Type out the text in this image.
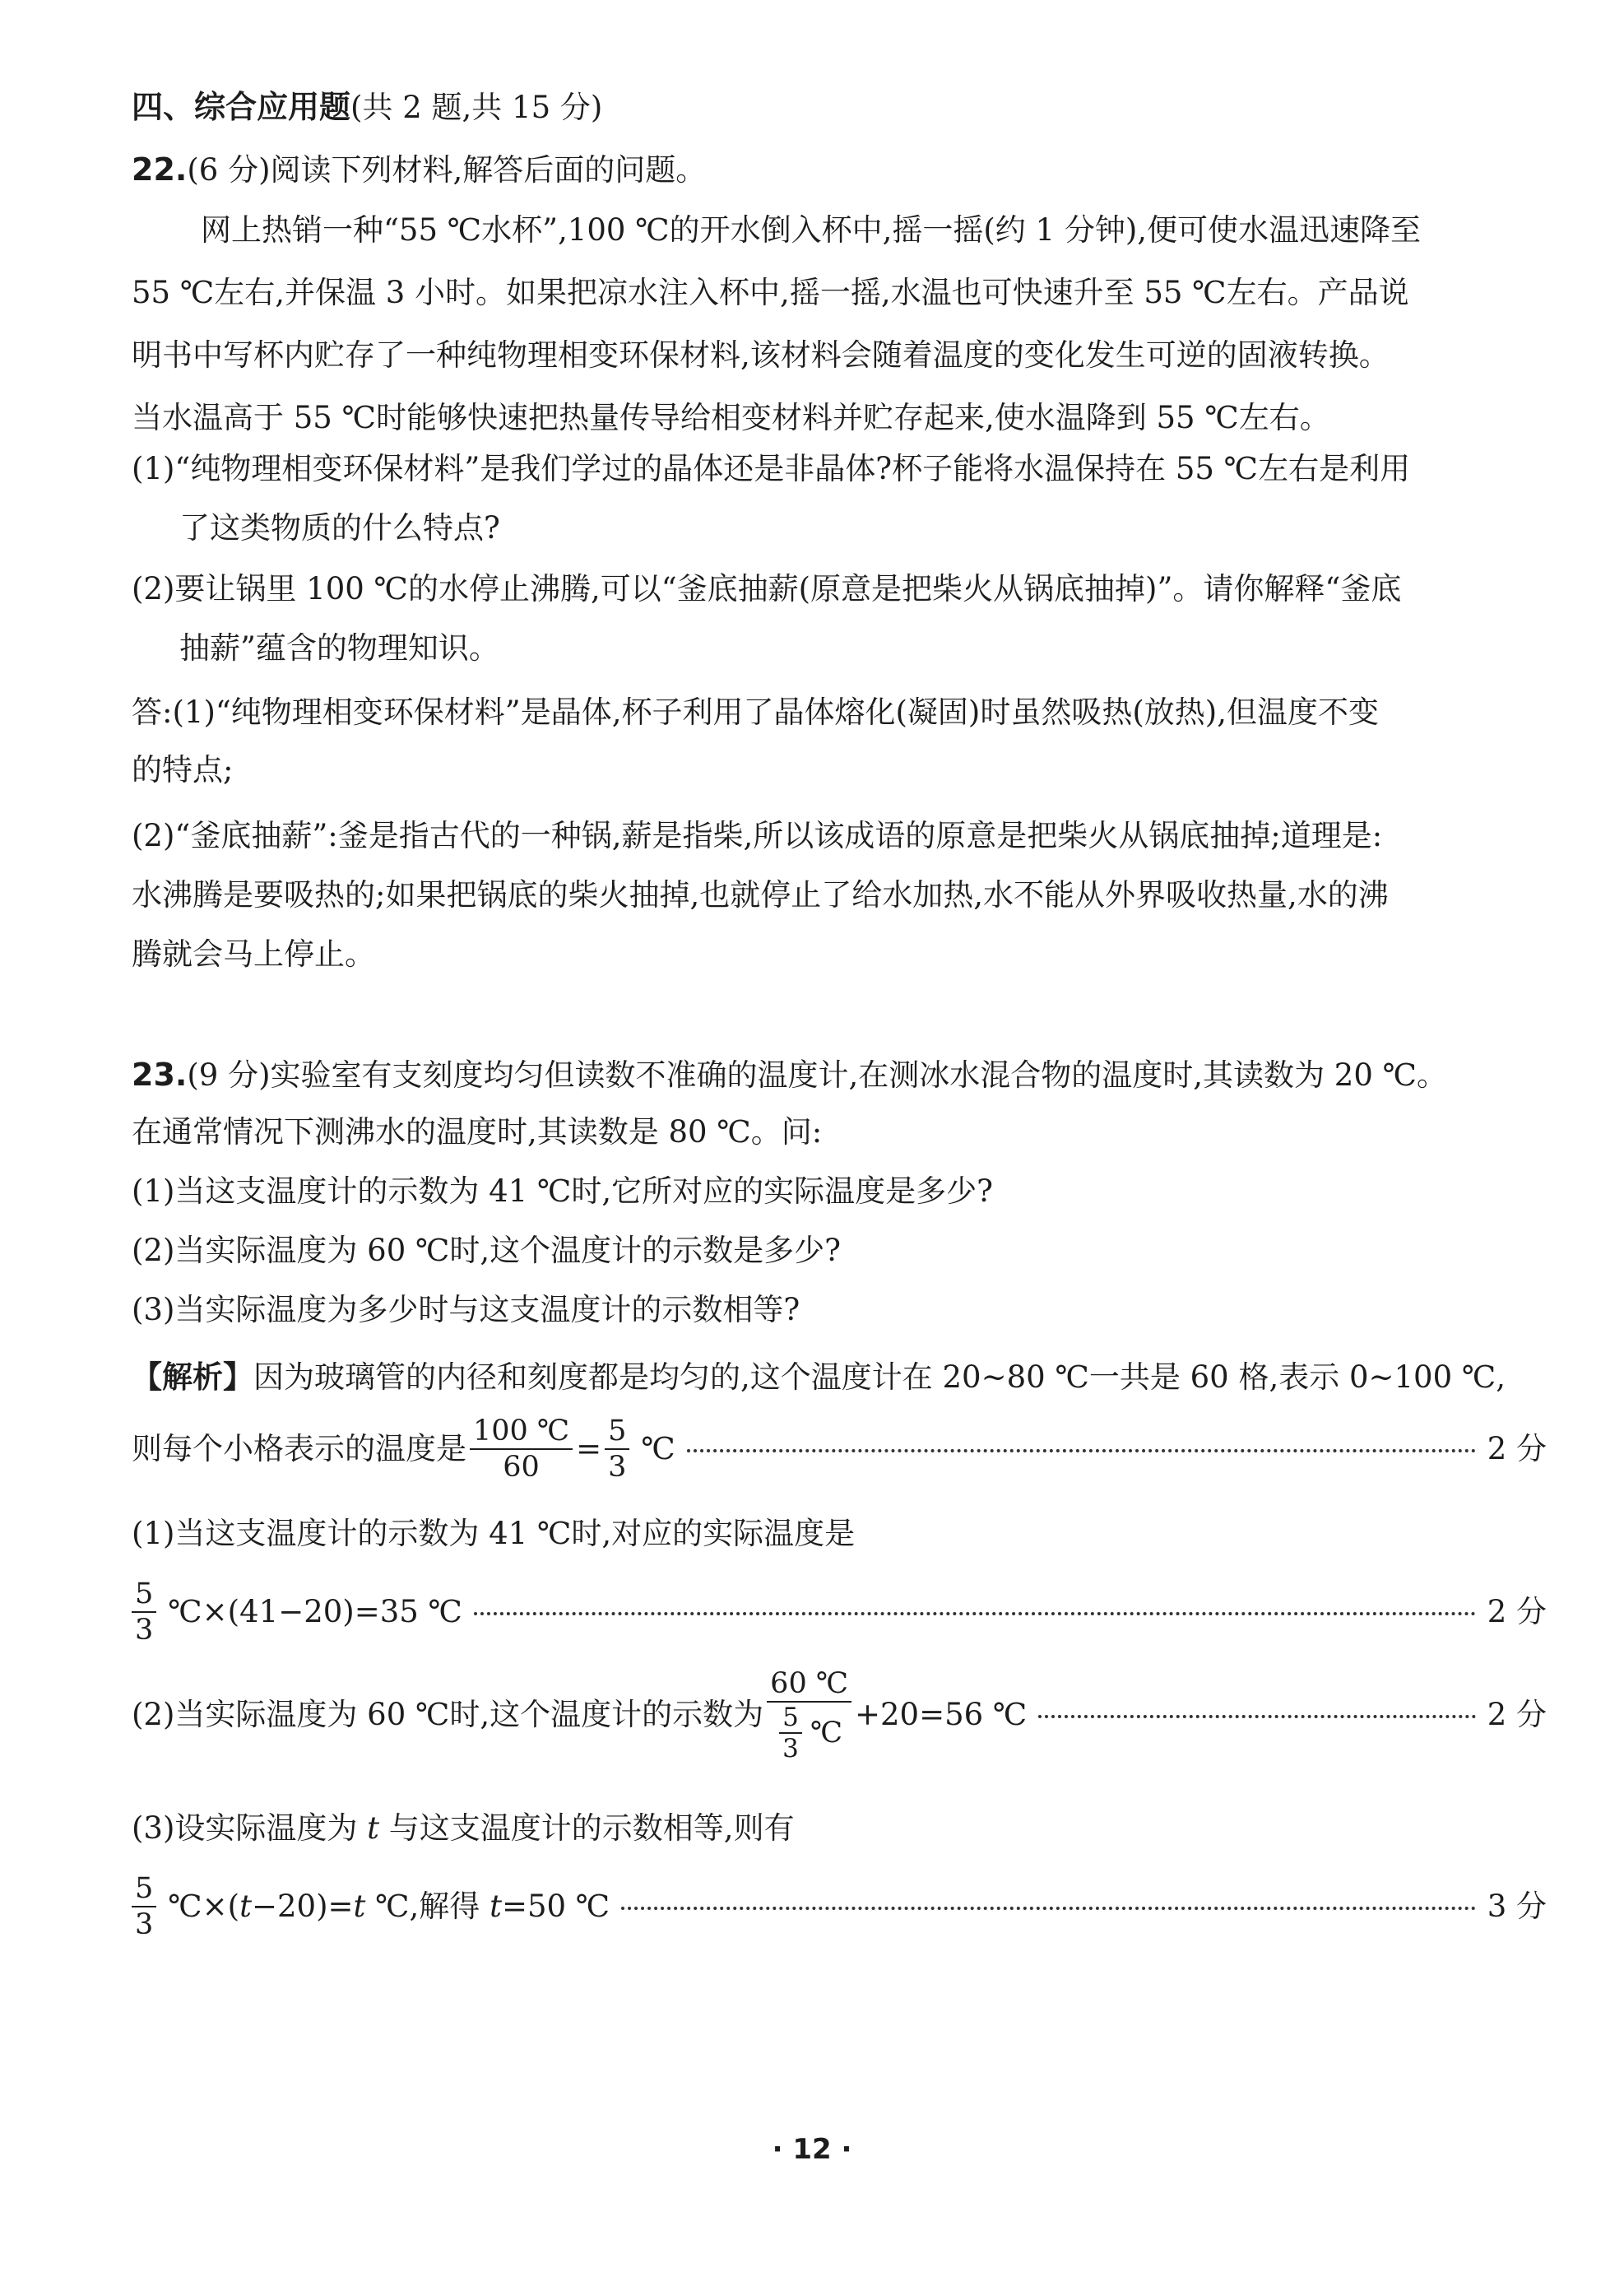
四、综合应用题(共 2 题,共 15 分)
22.(6 分)阅读下列材料,解答后面的问题。
网上热销一种“55 ℃水杯”,100 ℃的开水倒入杯中,摇一摇(约 1 分钟),便可使水温迅速降至
55 ℃左右,并保温 3 小时。如果把凉水注入杯中,摇一摇,水温也可快速升至 55 ℃左右。产品说
明书中写杯内贮存了一种纯物理相变环保材料,该材料会随着温度的变化发生可逆的固液转换。
当水温高于 55 ℃时能够快速把热量传导给相变材料并贮存起来,使水温降到 55 ℃左右。
(1)“纯物理相变环保材料”是我们学过的晶体还是非晶体?杯子能将水温保持在 55 ℃左右是利用
了这类物质的什么特点?
(2)要让锅里 100 ℃的水停止沸腾,可以“釜底抽薪(原意是把柴火从锅底抽掉)”。请你解释“釜底
抽薪”蕴含的物理知识。
答:(1)“纯物理相变环保材料”是晶体,杯子利用了晶体熔化(凝固)时虽然吸热(放热),但温度不变
的特点;
(2)“釜底抽薪”:釜是指古代的一种锅,薪是指柴,所以该成语的原意是把柴火从锅底抽掉;道理是:
水沸腾是要吸热的;如果把锅底的柴火抽掉,也就停止了给水加热,水不能从外界吸收热量,水的沸
腾就会马上停止。
23.(9 分)实验室有支刻度均匀但读数不准确的温度计,在测冰水混合物的温度时,其读数为 20 ℃。
在通常情况下测沸水的温度时,其读数是 80 ℃。问:
(1)当这支温度计的示数为 41 ℃时,它所对应的实际温度是多少?
(2)当实际温度为 60 ℃时,这个温度计的示数是多少?
(3)当实际温度为多少时与这支温度计的示数相等?
【解析】因为玻璃管的内径和刻度都是均匀的,这个温度计在 20~80 ℃一共是 60 格,表示 0~100 ℃,
则每个小格表示的温度是 $\frac{100 ℃}{60} = \frac{5}{3}$ ℃	2 分
(1)当这支温度计的示数为 41 ℃时,对应的实际温度是
$\frac{5}{3}$ ℃×(41−20)=35 ℃	2 分
(2)当实际温度为 60 ℃时,这个温度计的示数为 $\frac{60 ℃}{\frac{5}{3} ℃} +20=56$ ℃	2 分
(3)设实际温度为 t 与这支温度计的示数相等,则有
$\frac{5}{3}$ ℃×(t−20)=t ℃,解得 t=50 ℃	3 分
· 12 ·
